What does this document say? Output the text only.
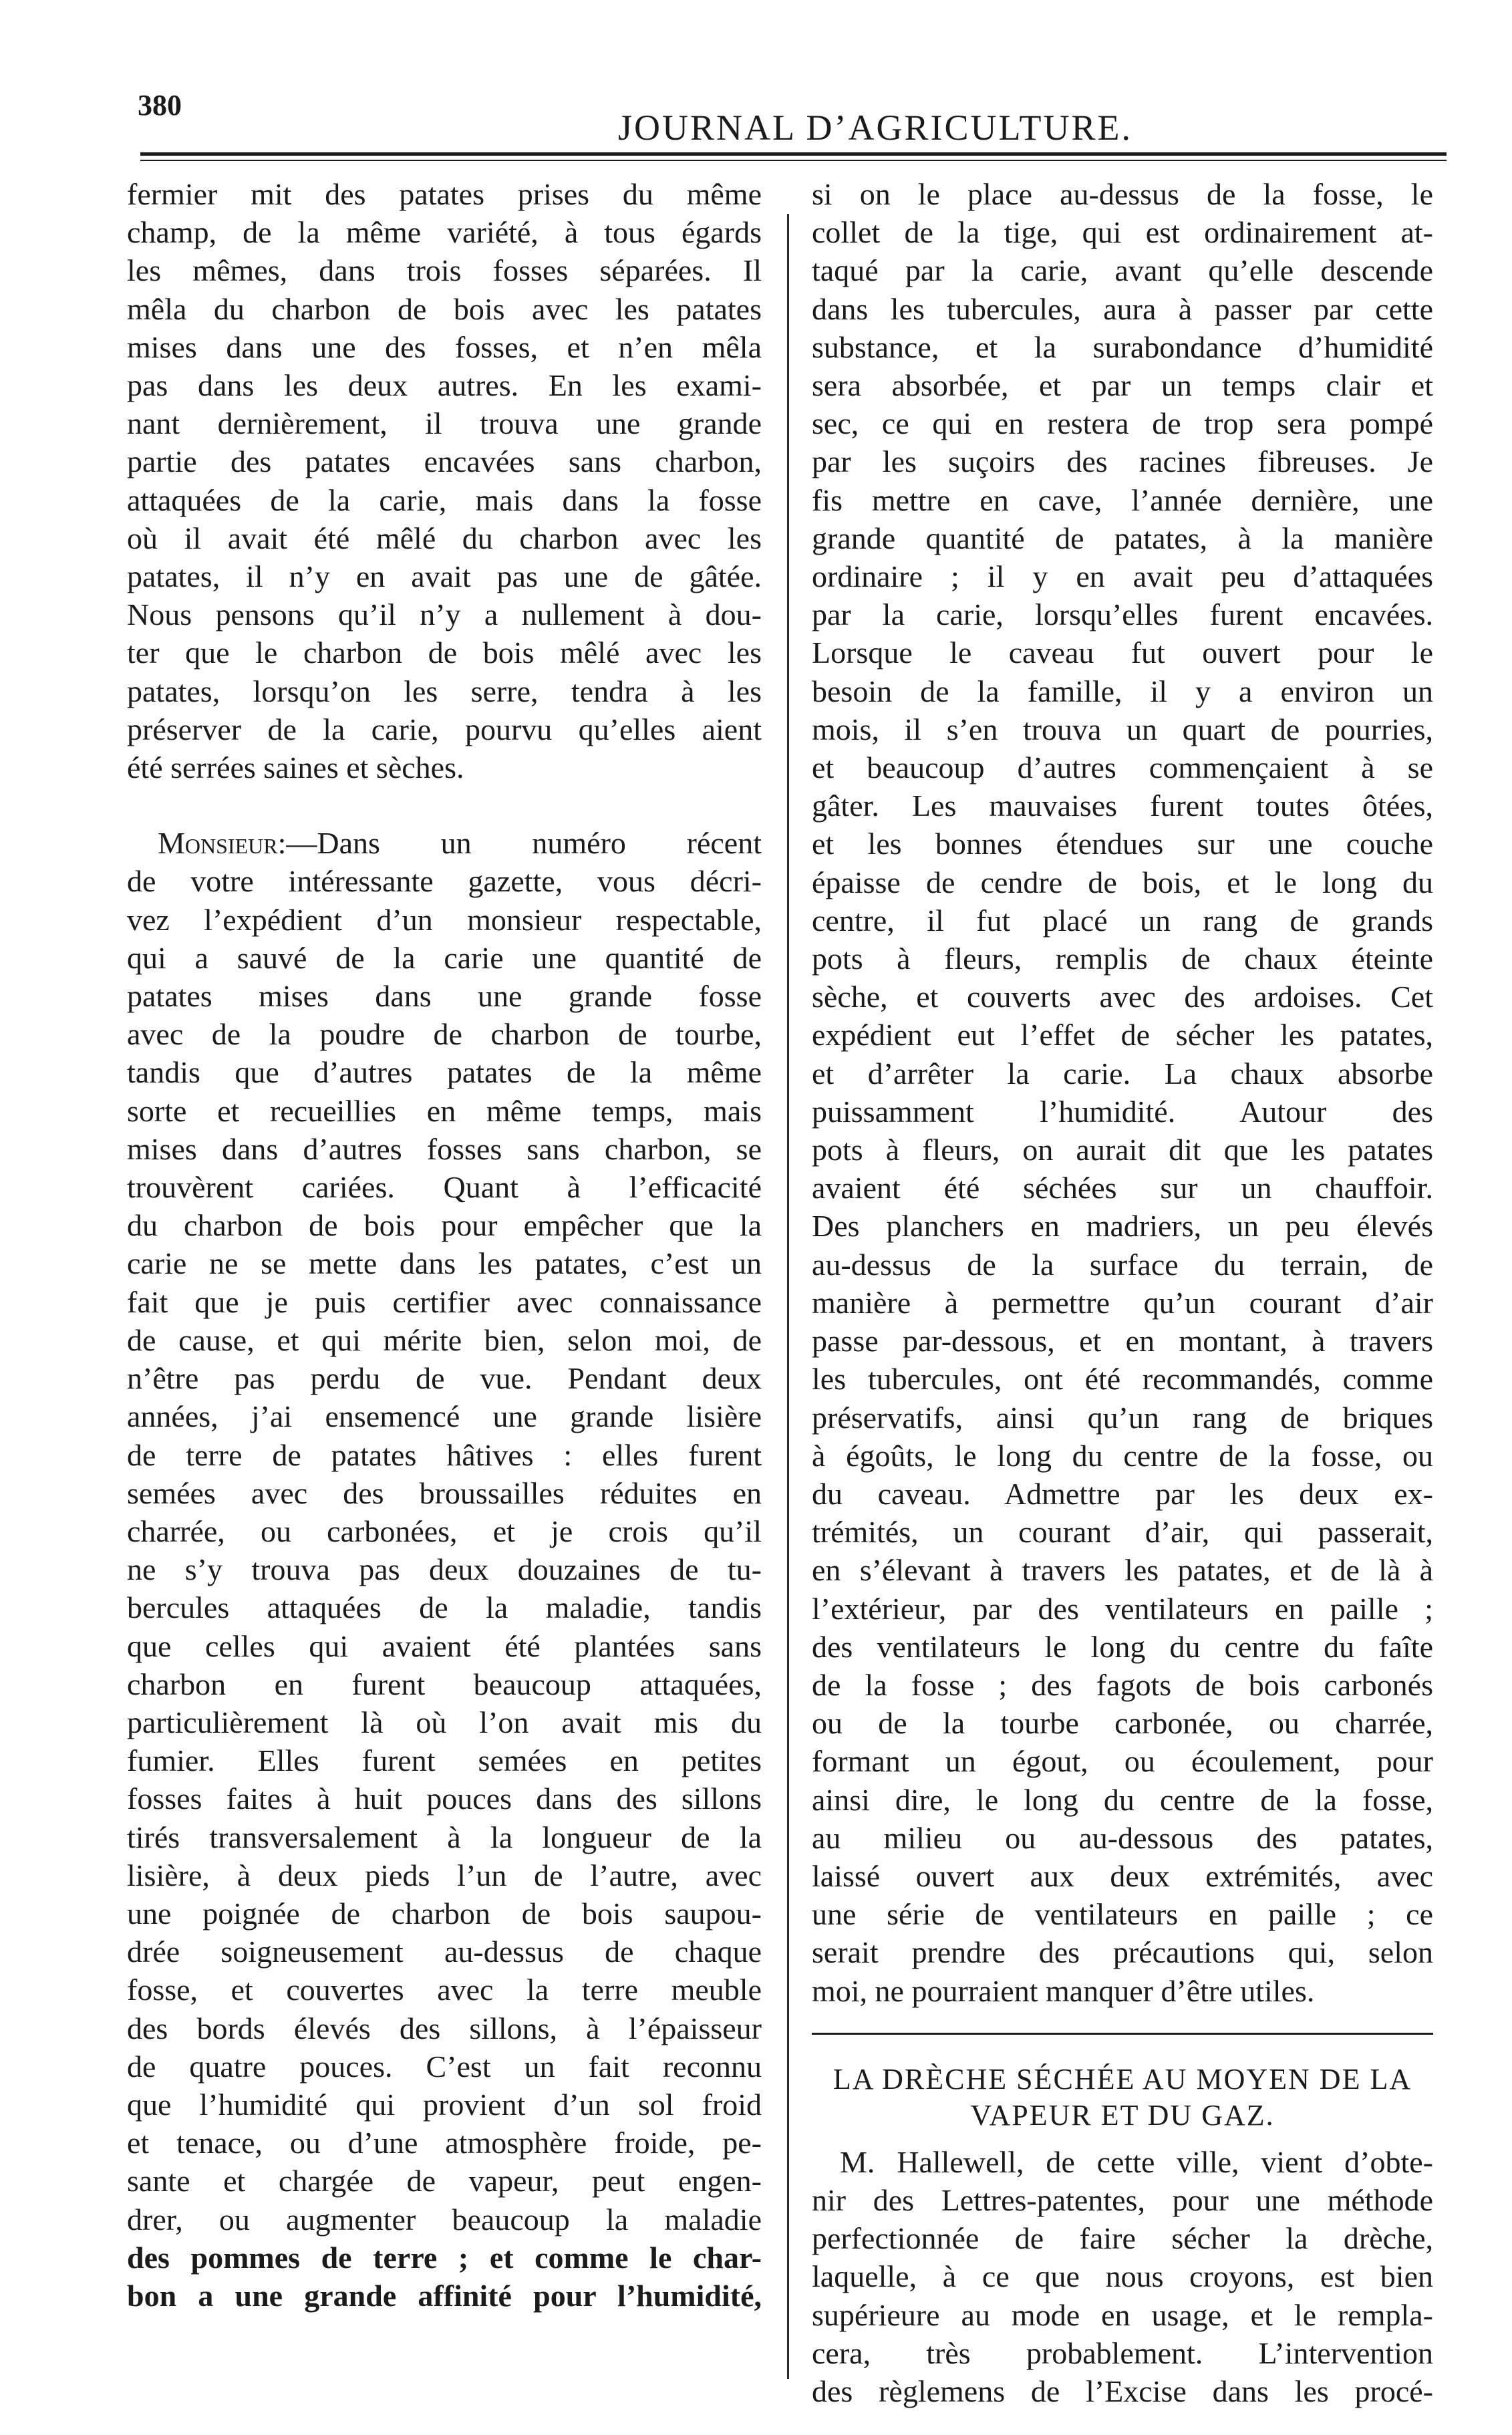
380
JOURNAL D’AGRICULTURE.
fermier mit des patates prises du même
champ, de la même variété, à tous égards
les mêmes, dans trois fosses séparées. Il
mêla du charbon de bois avec les patates
mises dans une des fosses, et n’en mêla
pas dans les deux autres. En les exami-
nant dernièrement, il trouva une grande
partie des patates encavées sans charbon,
attaquées de la carie, mais dans la fosse
où il avait été mêlé du charbon avec les
patates, il n’y en avait pas une de gâtée.
Nous pensons qu’il n’y a nullement à dou-
ter que le charbon de bois mêlé avec les
patates, lorsqu’on les serre, tendra à les
préserver de la carie, pourvu qu’elles aient
été serrées saines et sèches.
Monsieur:—Dans un numéro récent
de votre intéressante gazette, vous décri-
vez l’expédient d’un monsieur respectable,
qui a sauvé de la carie une quantité de
patates mises dans une grande fosse
avec de la poudre de charbon de tourbe,
tandis que d’autres patates de la même
sorte et recueillies en même temps, mais
mises dans d’autres fosses sans charbon, se
trouvèrent cariées. Quant à l’efficacité
du charbon de bois pour empêcher que la
carie ne se mette dans les patates, c’est un
fait que je puis certifier avec connaissance
de cause, et qui mérite bien, selon moi, de
n’être pas perdu de vue. Pendant deux
années, j’ai ensemencé une grande lisière
de terre de patates hâtives : elles furent
semées avec des broussailles réduites en
charrée, ou carbonées, et je crois qu’il
ne s’y trouva pas deux douzaines de tu-
bercules attaquées de la maladie, tandis
que celles qui avaient été plantées sans
charbon en furent beaucoup attaquées,
particulièrement là où l’on avait mis du
fumier. Elles furent semées en petites
fosses faites à huit pouces dans des sillons
tirés transversalement à la longueur de la
lisière, à deux pieds l’un de l’autre, avec
une poignée de charbon de bois saupou-
drée soigneusement au-dessus de chaque
fosse, et couvertes avec la terre meuble
des bords élevés des sillons, à l’épaisseur
de quatre pouces. C’est un fait reconnu
que l’humidité qui provient d’un sol froid
et tenace, ou d’une atmosphère froide, pe-
sante et chargée de vapeur, peut engen-
drer, ou augmenter beaucoup la maladie
des pommes de terre ; et comme le char-
bon a une grande affinité pour l’humidité,
si on le place au-dessus de la fosse, le
collet de la tige, qui est ordinairement at-
taqué par la carie, avant qu’elle descende
dans les tubercules, aura à passer par cette
substance, et la surabondance d’humidité
sera absorbée, et par un temps clair et
sec, ce qui en restera de trop sera pompé
par les suçoirs des racines fibreuses. Je
fis mettre en cave, l’année dernière, une
grande quantité de patates, à la manière
ordinaire ; il y en avait peu d’attaquées
par la carie, lorsqu’elles furent encavées.
Lorsque le caveau fut ouvert pour le
besoin de la famille, il y a environ un
mois, il s’en trouva un quart de pourries,
et beaucoup d’autres commençaient à se
gâter. Les mauvaises furent toutes ôtées,
et les bonnes étendues sur une couche
épaisse de cendre de bois, et le long du
centre, il fut placé un rang de grands
pots à fleurs, remplis de chaux éteinte
sèche, et couverts avec des ardoises. Cet
expédient eut l’effet de sécher les patates,
et d’arrêter la carie. La chaux absorbe
puissamment l’humidité. Autour des
pots à fleurs, on aurait dit que les patates
avaient été séchées sur un chauffoir.
Des planchers en madriers, un peu élevés
au-dessus de la surface du terrain, de
manière à permettre qu’un courant d’air
passe par-dessous, et en montant, à travers
les tubercules, ont été recommandés, comme
préservatifs, ainsi qu’un rang de briques
à égoûts, le long du centre de la fosse, ou
du caveau. Admettre par les deux ex-
trémités, un courant d’air, qui passerait,
en s’élevant à travers les patates, et de là à
l’extérieur, par des ventilateurs en paille ;
des ventilateurs le long du centre du faîte
de la fosse ; des fagots de bois carbonés
ou de la tourbe carbonée, ou charrée,
formant un égout, ou écoulement, pour
ainsi dire, le long du centre de la fosse,
au milieu ou au-dessous des patates,
laissé ouvert aux deux extrémités, avec
une série de ventilateurs en paille ; ce
serait prendre des précautions qui, selon
moi, ne pourraient manquer d’être utiles.
LA DRÈCHE SÉCHÉE AU MOYEN DE LA
VAPEUR ET DU GAZ.
M. Hallewell, de cette ville, vient d’obte-
nir des Lettres-patentes, pour une méthode
perfectionnée de faire sécher la drèche,
laquelle, à ce que nous croyons, est bien
supérieure au mode en usage, et le rempla-
cera, très probablement. L’intervention
des règlemens de l’Excise dans les procé-
